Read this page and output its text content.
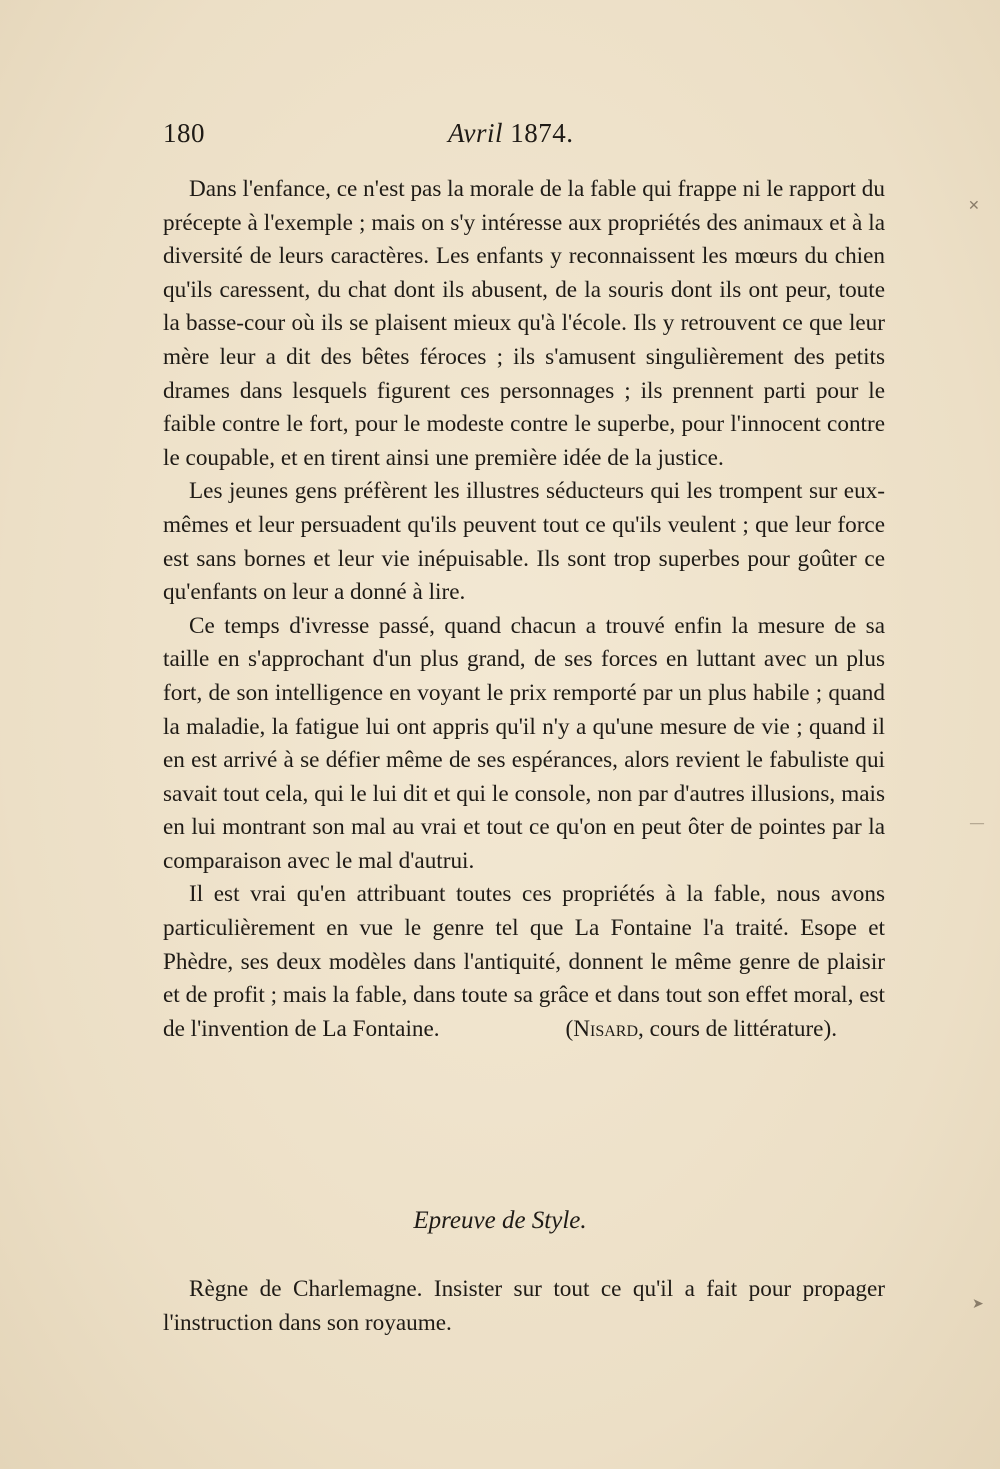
180	Avril 1874.

Dans l'enfance, ce n'est pas la morale de la fable qui frappe ni le rapport du précepte à l'exemple ; mais on s'y intéresse aux propriétés des animaux et à la diversité de leurs caractères. Les enfants y reconnaissent les mœurs du chien qu'ils caressent, du chat dont ils abusent, de la souris dont ils ont peur, toute la basse-cour où ils se plaisent mieux qu'à l'école. Ils y retrouvent ce que leur mère leur a dit des bêtes féroces ; ils s'amusent singulièrement des petits drames dans lesquels figurent ces personnages ; ils prennent parti pour le faible contre le fort, pour le modeste contre le superbe, pour l'innocent contre le coupable, et en tirent ainsi une première idée de la justice.

Les jeunes gens préfèrent les illustres séducteurs qui les trompent sur eux-mêmes et leur persuadent qu'ils peuvent tout ce qu'ils veulent ; que leur force est sans bornes et leur vie inépuisable. Ils sont trop superbes pour goûter ce qu'enfants on leur a donné à lire.

Ce temps d'ivresse passé, quand chacun a trouvé enfin la mesure de sa taille en s'approchant d'un plus grand, de ses forces en luttant avec un plus fort, de son intelligence en voyant le prix remporté par un plus habile ; quand la maladie, la fatigue lui ont appris qu'il n'y a qu'une mesure de vie ; quand il en est arrivé à se défier même de ses espérances, alors revient le fabuliste qui savait tout cela, qui le lui dit et qui le console, non par d'autres illusions, mais en lui montrant son mal au vrai et tout ce qu'on en peut ôter de pointes par la comparaison avec le mal d'autrui.

Il est vrai qu'en attribuant toutes ces propriétés à la fable, nous avons particulièrement en vue le genre tel que La Fontaine l'a traité. Esope et Phèdre, ses deux modèles dans l'antiquité, donnent le même genre de plaisir et de profit ; mais la fable, dans toute sa grâce et dans tout son effet moral, est de l'invention de La Fontaine.	(Nisard, cours de littérature).

Epreuve de Style.

Règne de Charlemagne. Insister sur tout ce qu'il a fait pour propager l'instruction dans son royaume.

✕
—
➤
